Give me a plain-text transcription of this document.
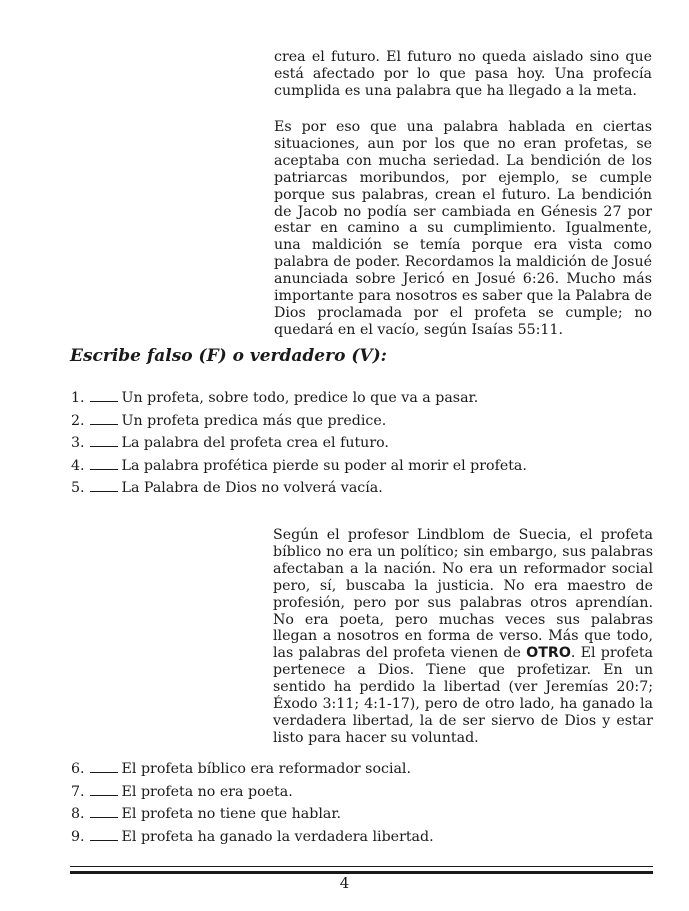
crea el futuro. El futuro no queda aislado sino que está afectado por lo que pasa hoy. Una profecía cumplida es una palabra que ha llegado a la meta.

Es por eso que una palabra hablada en ciertas situaciones, aun por los que no eran profetas, se aceptaba con mucha seriedad. La bendición de los patriarcas moribundos, por ejemplo, se cumple porque sus palabras, crean el futuro. La bendición de Jacob no podía ser cambiada en Génesis 27 por estar en camino a su cumplimiento. Igualmente, una maldición se temía porque era vista como palabra de poder. Recordamos la maldición de Josué anunciada sobre Jericó en Josué 6:26. Mucho más importante para nosotros es saber que la Palabra de Dios proclamada por el profeta se cumple; no quedará en el vacío, según Isaías 55:11.

Escribe falso (F) o verdadero (V):
1.	Un profeta, sobre todo, predice lo que va a pasar.
2.	Un profeta predica más que predice.
3.	La palabra del profeta crea el futuro.
4.	La palabra profética pierde su poder al morir el profeta.
5.	La Palabra de Dios no volverá vacía.

Según el profesor Lindblom de Suecia, el profeta bíblico no era un político; sin embargo, sus palabras afectaban a la nación. No era un reformador social pero, sí, buscaba la justicia. No era maestro de profesión, pero por sus palabras otros aprendían. No era poeta, pero muchas veces sus palabras llegan a nosotros en forma de verso. Más que todo, las palabras del profeta vienen de OTRO. El profeta pertenece a Dios. Tiene que profetizar. En un sentido ha perdido la libertad (ver Jeremías 20:7; Éxodo 3:11; 4:1-17), pero de otro lado, ha ganado la verdadera libertad, la de ser siervo de Dios y estar listo para hacer su voluntad.

6.	El profeta bíblico era reformador social.
7.	El profeta no era poeta.
8.	El profeta no tiene que hablar.
9.	El profeta ha ganado la verdadera libertad.
4
